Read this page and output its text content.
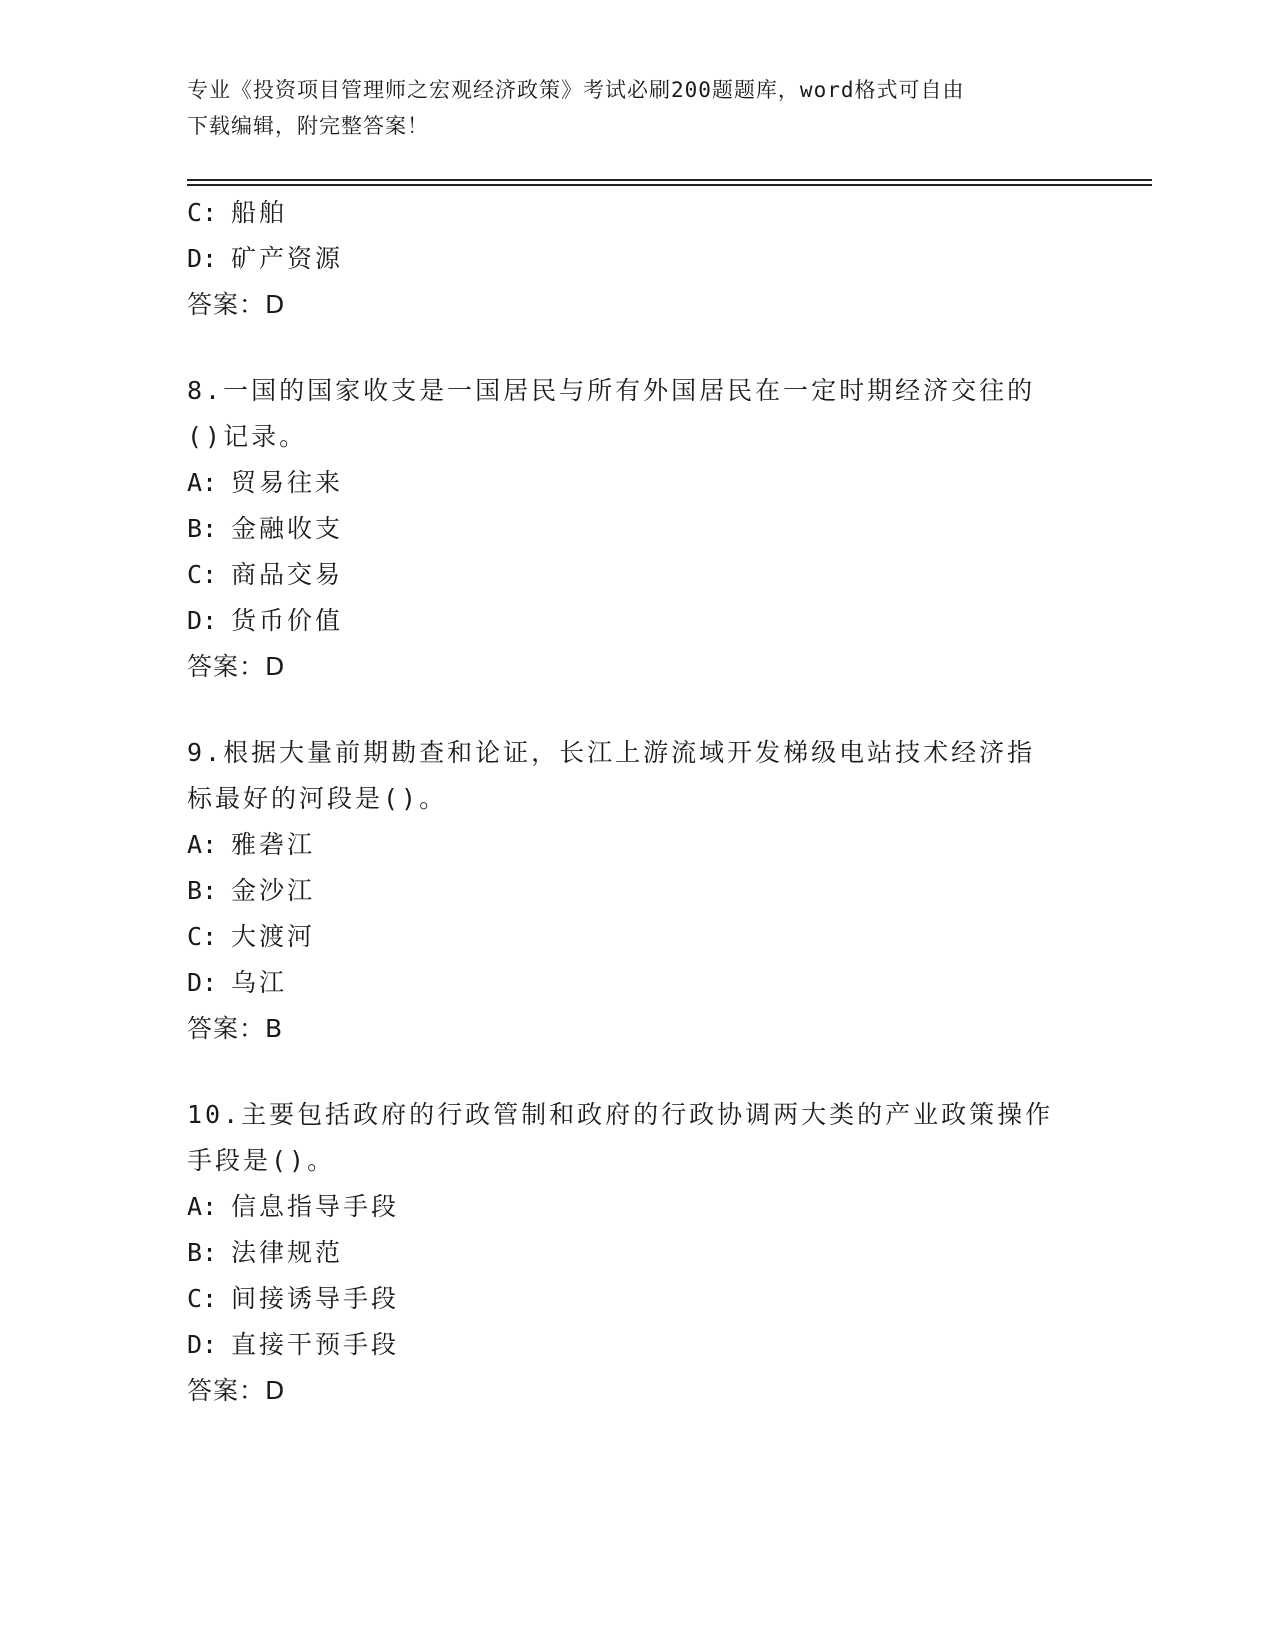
专业《投资项目管理师之宏观经济政策》考试必刷200题题库，word格式可自由
下载编辑，附完整答案！
C: 船舶
D: 矿产资源
答案：D
8.一国的国家收支是一国居民与所有外国居民在一定时期经济交往的
()记录。
A: 贸易往来
B: 金融收支
C: 商品交易
D: 货币价值
答案：D
9.根据大量前期勘查和论证，长江上游流域开发梯级电站技术经济指
标最好的河段是()。
A: 雅砻江
B: 金沙江
C: 大渡河
D: 乌江
答案：B
10.主要包括政府的行政管制和政府的行政协调两大类的产业政策操作
手段是()。
A: 信息指导手段
B: 法律规范
C: 间接诱导手段
D: 直接干预手段
答案：D
